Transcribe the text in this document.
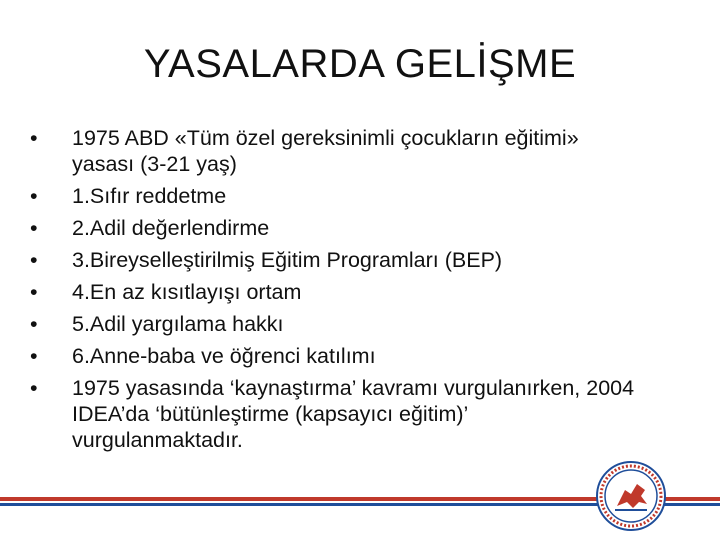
YASALARDA GELİŞME
•	1975 ABD «Tüm özel gereksinimli çocukların eğitimi» yasası (3-21 yaş)
•	1.Sıfır reddetme
•	2.Adil değerlendirme
•	3.Bireyselleştirilmiş Eğitim Programları (BEP)
•	4.En az kısıtlayışı ortam
•	5.Adil yargılama hakkı
•	6.Anne-baba ve öğrenci katılımı
•	1975 yasasında ‘kaynaştırma’ kavramı vurgulanırken, 2004 IDEA’da ‘bütünleştirme (kapsayıcı eğitim)’ vurgulanmaktadır.
